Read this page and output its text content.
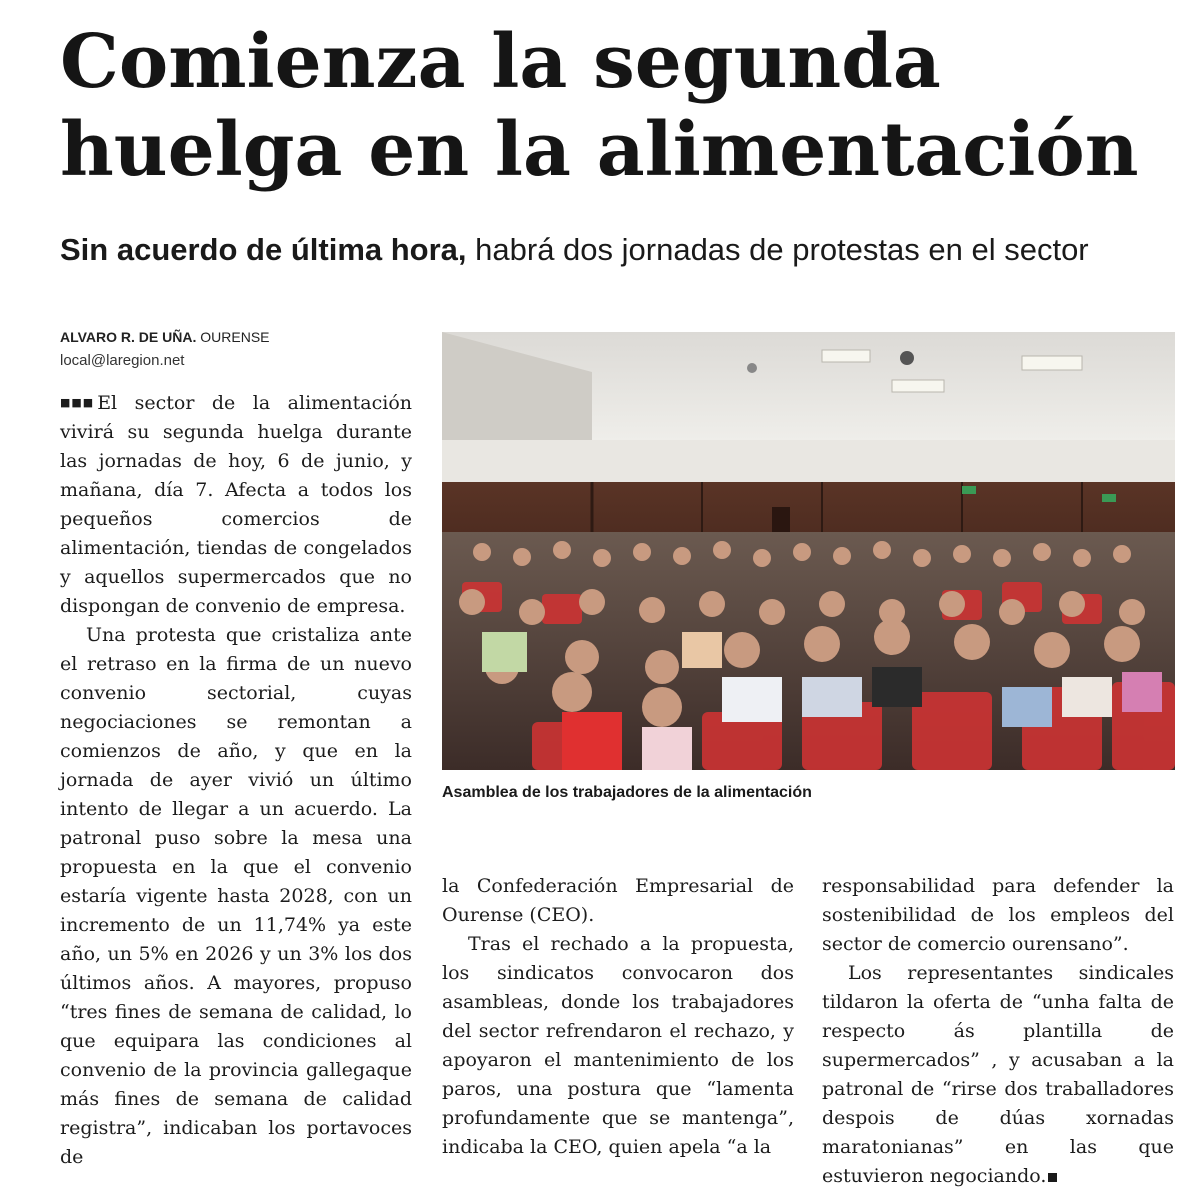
Comienza la segunda
huelga en la alimentación
Sin acuerdo de última hora, habrá dos jornadas de protestas en el sector
ALVARO R. DE UÑA. OURENSE
local@laregion.net

■■■ El sector de la alimentación vivirá su segunda huelga durante las jornadas de hoy, 6 de junio, y mañana, día 7. Afecta a todos los pequeños comercios de alimentación, tiendas de congelados y aquellos supermercados que no dispongan de convenio de empresa.

Una protesta que cristaliza ante el retraso en la firma de un nuevo convenio sectorial, cuyas negociaciones se remontan a comienzos de año, y que en la jornada de ayer vivió un último intento de llegar a un acuerdo. La patronal puso sobre la mesa una propuesta en la que el convenio estaría vigente hasta 2028, con un incremento de un 11,74% ya este año, un 5% en 2026 y un 3% los dos últimos años. A mayores, propuso “tres fines de semana de calidad, lo que equipara las condiciones al convenio de la provincia gallegaque más fines de semana de calidad registra”, indicaban los portavoces de

Asamblea de los trabajadores de la alimentación

la Confederación Empresarial de Ourense (CEO).

Tras el rechado a la propuesta, los sindicatos convocaron dos asambleas, donde los trabajadores del sector refrendaron el rechazo, y apoyaron el mantenimiento de los paros, una postura que “lamenta profundamente que se mantenga”, indicaba la CEO, quien apela “a la

responsabilidad para defender la sostenibilidad de los empleos del sector de comercio ourensano”.

Los representantes sindicales tildaron la oferta de “unha falta de respecto ás plantilla de supermercados” , y acusaban a la patronal de “rirse dos traballadores despois de dúas xornadas maratonianas” en las que estuvieron negociando.
